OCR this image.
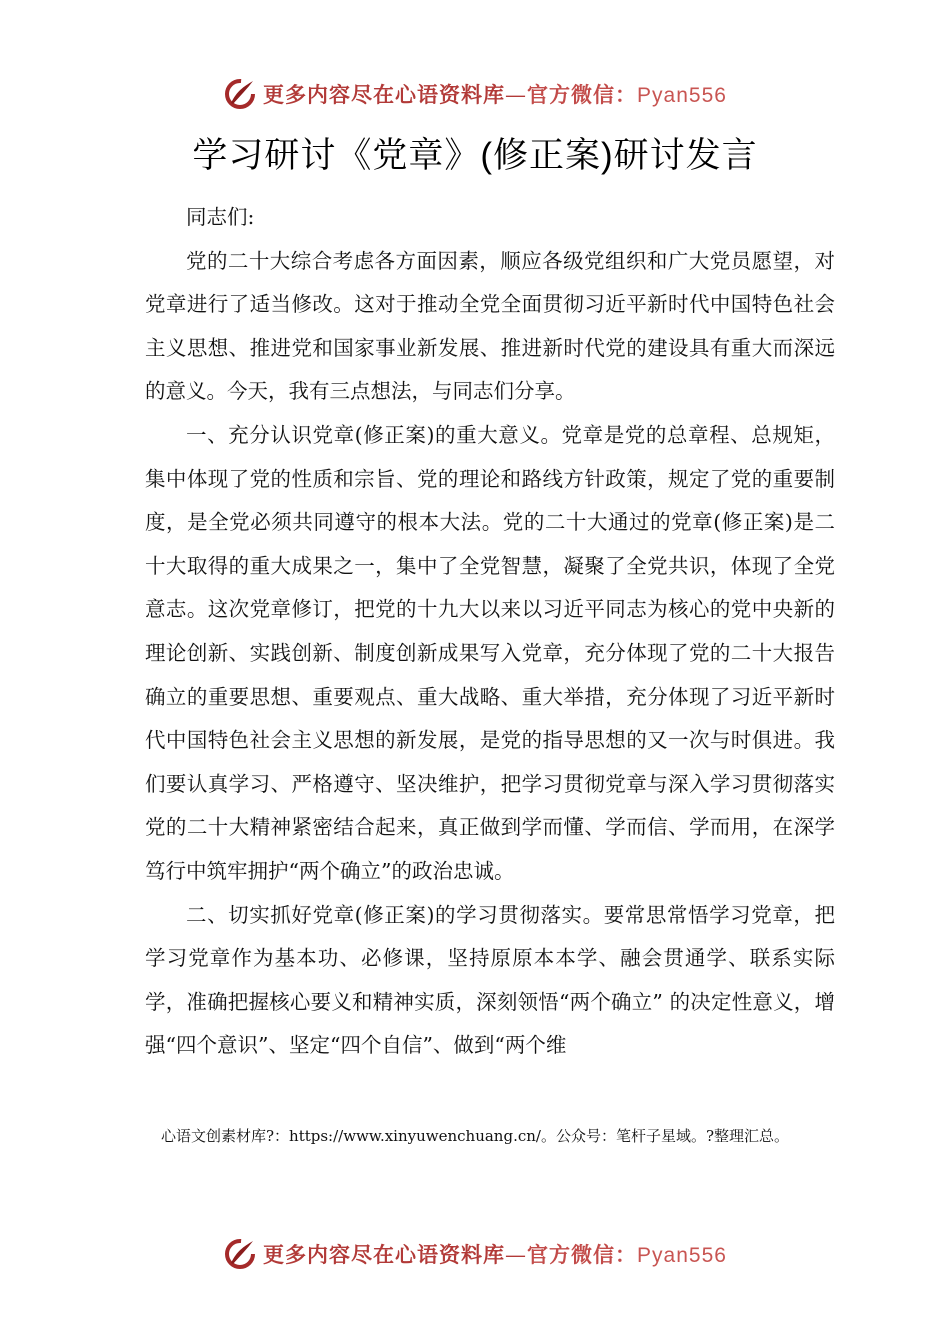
更多内容尽在心语资料库—官方微信：Pyan556
学习研讨《党章》(修正案)研讨发言

同志们:

党的二十大综合考虑各方面因素，顺应各级党组织和广大党员愿望，对党章进行了适当修改。这对于推动全党全面贯彻习近平新时代中国特色社会主义思想、推进党和国家事业新发展、推进新时代党的建设具有重大而深远的意义。今天，我有三点想法，与同志们分享。

一、充分认识党章(修正案)的重大意义。党章是党的总章程、总规矩，集中体现了党的性质和宗旨、党的理论和路线方针政策，规定了党的重要制度，是全党必须共同遵守的根本大法。党的二十大通过的党章(修正案)是二十大取得的重大成果之一，集中了全党智慧，凝聚了全党共识，体现了全党意志。这次党章修订，把党的十九大以来以习近平同志为核心的党中央新的理论创新、实践创新、制度创新成果写入党章，充分体现了党的二十大报告确立的重要思想、重要观点、重大战略、重大举措，充分体现了习近平新时代中国特色社会主义思想的新发展，是党的指导思想的又一次与时俱进。我们要认真学习、严格遵守、坚决维护，把学习贯彻党章与深入学习贯彻落实党的二十大精神紧密结合起来，真正做到学而懂、学而信、学而用，在深学笃行中筑牢拥护“两个确立”的政治忠诚。

二、切实抓好党章(修正案)的学习贯彻落实。要常思常悟学习党章，把学习党章作为基本功、必修课，坚持原原本本学、融会贯通学、联系实际学，准确把握核心要义和精神实质，深刻领悟“两个确立” 的决定性意义，增强“四个意识”、坚定“四个自信”、做到“两个维

心语文创素材库?：https://www.xinyuwenchuang.cn/。公众号：笔杆子星域。?整理汇总。
更多内容尽在心语资料库—官方微信：Pyan556
